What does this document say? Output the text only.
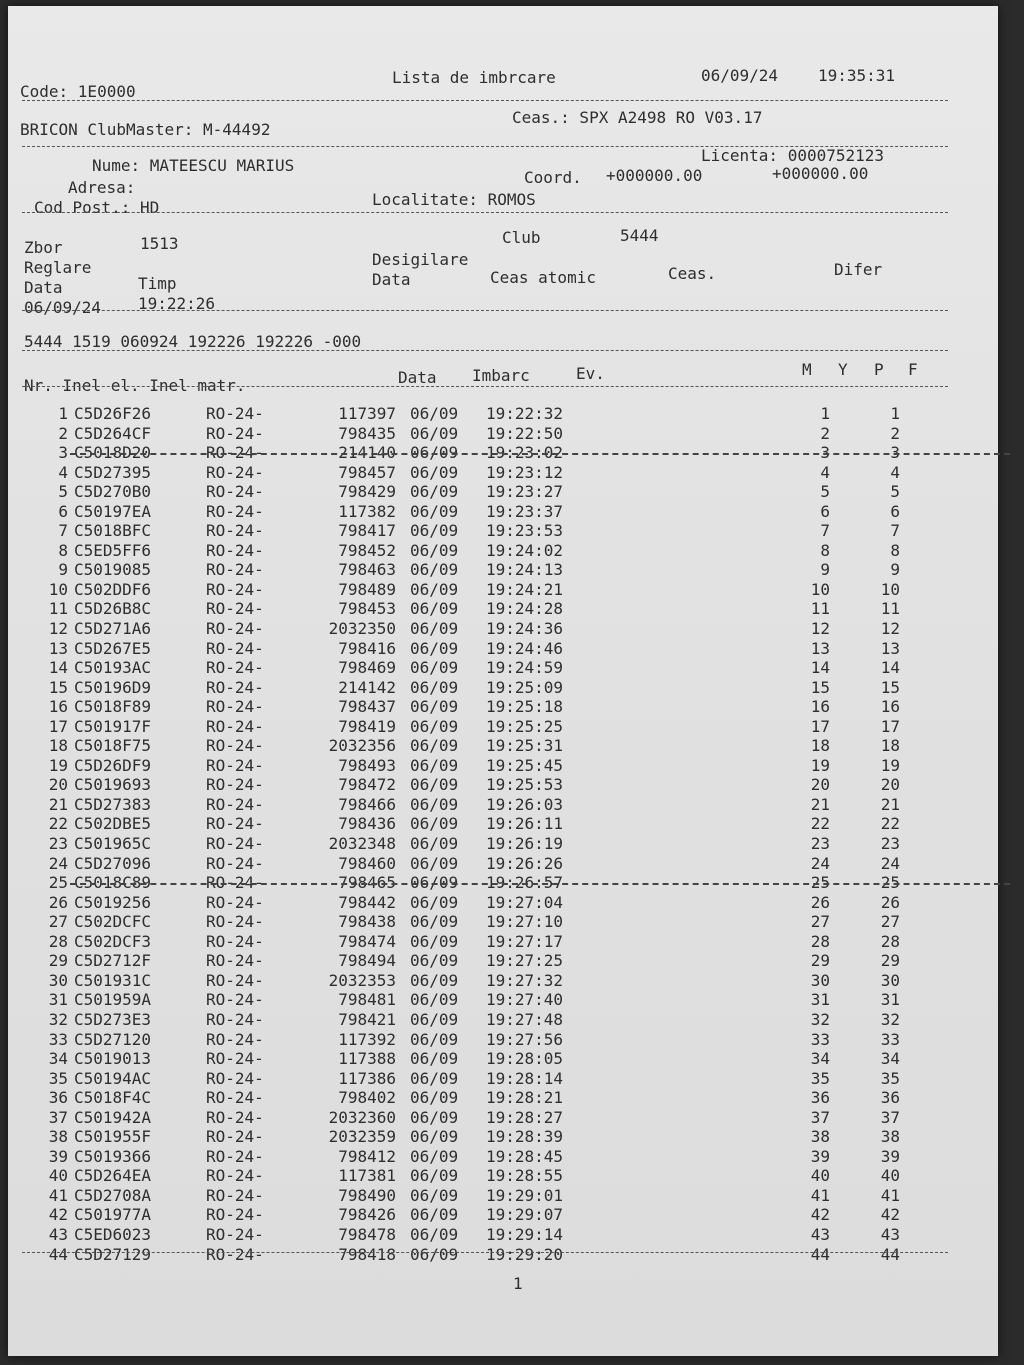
Code: 1E0000
Lista de imbrcare	06/09/24 19:35:31
BRICON ClubMaster: M-44492
Ceas.: SPX A2498 RO V03.17
Nume: MATEESCU MARIUS
Licenta: 0000752123
Adresa:
Coord. +000000.00	+000000.00
Cod Post.: HD	Localitate: ROMOS
Zbor	1513	Club	5444
Reglare	Desigilare
Data	Timp	Data	Ceas atomic	Ceas.	Difer
06/09/24 19:22:26
5444 1519 060924 192226 192226 -000
Nr. Inel el. Inel matr.	Data Imbarc	Ev.	M Y P F
1 C5D26F26	RO-24-	117397 06/09 19:22:32	1	1
2 C5D264CF	RO-24-	798435 06/09 19:22:50	2	2
3 C5018D20	RO-24-	214140 06/09 19:23:02	3	3
4 C5D27395	RO-24-	798457 06/09 19:23:12	4	4
5 C5D270B0	RO-24-	798429 06/09 19:23:27	5	5
6 C50197EA	RO-24-	117382 06/09 19:23:37	6	6
7 C5018BFC	RO-24-	798417 06/09 19:23:53	7	7
8 C5ED5FF6	RO-24-	798452 06/09 19:24:02	8	8
9 C5019085	RO-24-	798463 06/09 19:24:13	9	9
10 C502DDF6	RO-24-	798489 06/09 19:24:21	10	10
11 C5D26B8C	RO-24-	798453 06/09 19:24:28	11	11
12 C5D271A6	RO-24-	2032350 06/09 19:24:36	12	12
13 C5D267E5	RO-24-	798416 06/09 19:24:46	13	13
14 C50193AC	RO-24-	798469 06/09 19:24:59	14	14
15 C50196D9	RO-24-	214142 06/09 19:25:09	15	15
16 C5018F89	RO-24-	798437 06/09 19:25:18	16	16
17 C501917F	RO-24-	798419 06/09 19:25:25	17	17
18 C5018F75	RO-24-	2032356 06/09 19:25:31	18	18
19 C5D26DF9	RO-24-	798493 06/09 19:25:45	19	19
20 C5019693	RO-24-	798472 06/09 19:25:53	20	20
21 C5D27383	RO-24-	798466 06/09 19:26:03	21	21
22 C502DBE5	RO-24-	798436 06/09 19:26:11	22	22
23 C501965C	RO-24-	2032348 06/09 19:26:19	23	23
24 C5D27096	RO-24-	798460 06/09 19:26:26	24	24
25 C5018C89	RO-24-	798465 06/09 19:26:57	25	25
26 C5019256	RO-24-	798442 06/09 19:27:04	26	26
27 C502DCFC	RO-24-	798438 06/09 19:27:10	27	27
28 C502DCF3	RO-24-	798474 06/09 19:27:17	28	28
29 C5D2712F	RO-24-	798494 06/09 19:27:25	29	29
30 C501931C	RO-24-	2032353 06/09 19:27:32	30	30
31 C501959A	RO-24-	798481 06/09 19:27:40	31	31
32 C5D273E3	RO-24-	798421 06/09 19:27:48	32	32
33 C5D27120	RO-24-	117392 06/09 19:27:56	33	33
34 C5019013	RO-24-	117388 06/09 19:28:05	34	34
35 C50194AC	RO-24-	117386 06/09 19:28:14	35	35
36 C5018F4C	RO-24-	798402 06/09 19:28:21	36	36
37 C501942A	RO-24-	2032360 06/09 19:28:27	37	37
38 C501955F	RO-24-	2032359 06/09 19:28:39	38	38
39 C5019366	RO-24-	798412 06/09 19:28:45	39	39
40 C5D264EA	RO-24-	117381 06/09 19:28:55	40	40
41 C5D2708A	RO-24-	798490 06/09 19:29:01	41	41
42 C501977A	RO-24-	798426 06/09 19:29:07	42	42
43 C5ED6023	RO-24-	798478 06/09 19:29:14	43	43
44 C5D27129	RO-24-	798418 06/09 19:29:20	44	44
1
